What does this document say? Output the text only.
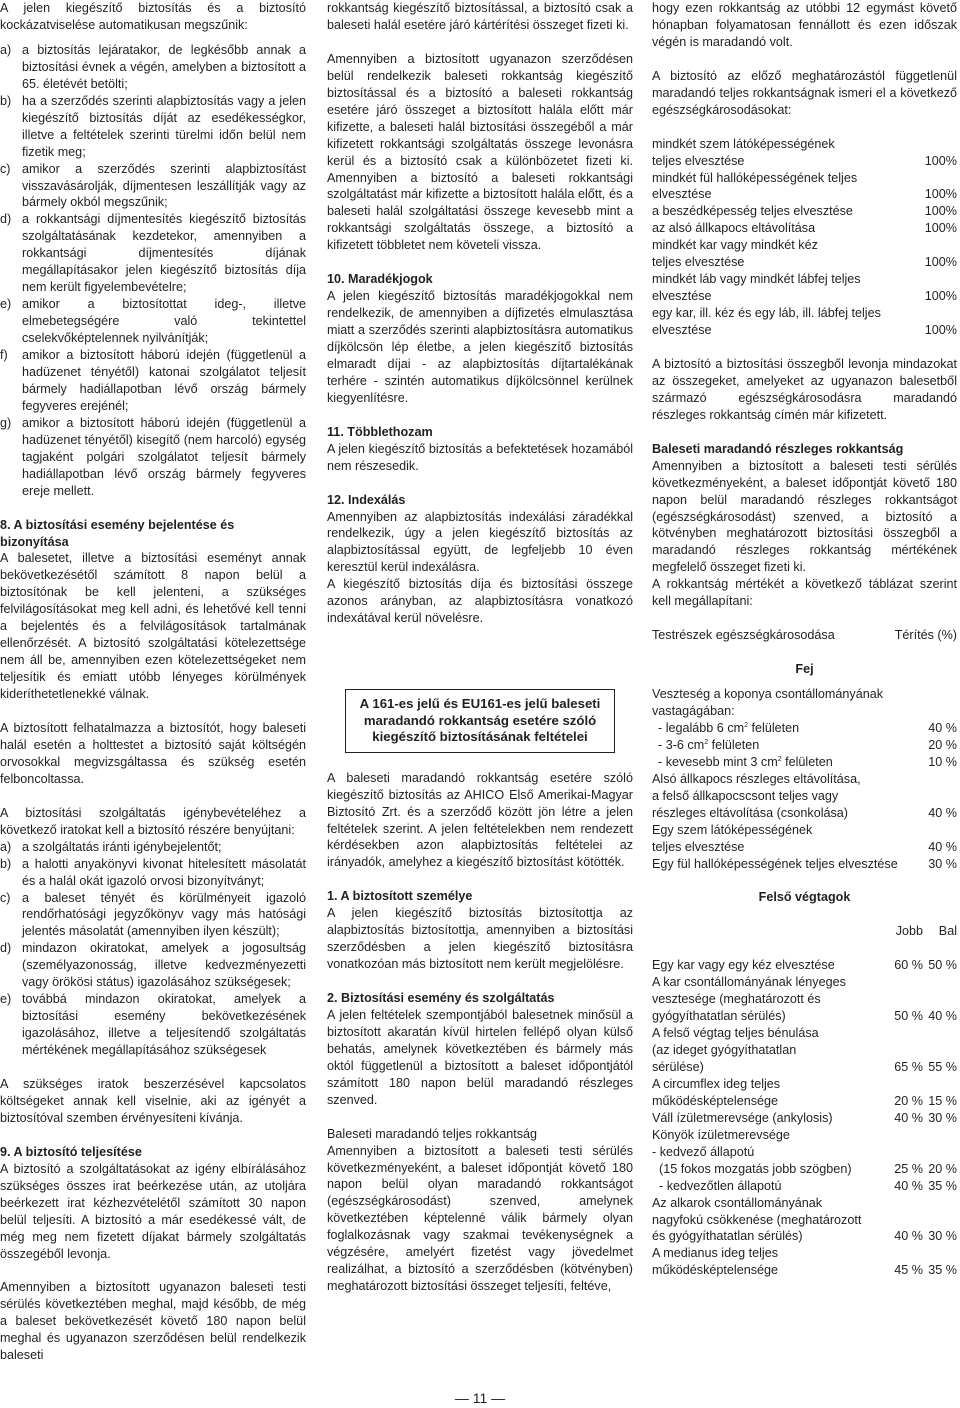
A jelen kiegészítő biztosítás és a biztosító kockázatviselése automatikusan megszűnik:

a) a biztosítás lejáratakor, de legkésőbb annak a biztosítási évnek a végén, amelyben a biztosított a 65. életévét betölti;
b) ha a szerződés szerinti alapbiztosítás vagy a jelen kiegészítő biztosítás díját az esedékességkor, illetve a feltételek szerinti türelmi időn belül nem fizetik meg;
c) amikor a szerződés szerinti alapbiztosítást visszavásárolják, díjmentesen leszállítják vagy az bármely okból megszűnik;
d) a rokkantsági díjmentesítés kiegészítő biztosítás szolgáltatásának kezdetekor, amennyiben a rokkantsági díjmentesítés díjának megállapításakor jelen kiegészítő biztosítás díja nem került figyelembevételre;
e) amikor a biztosítottat ideg-, illetve elmebetegségére való tekintettel cselekvőképtelennek nyilvánítják;
f) amikor a biztosított háború idején (függetlenül a hadüzenet tényétől) katonai szolgálatot teljesít bármely hadiállapotban lévő ország bármely fegyveres erejénél;
g) amikor a biztosított háború idején (függetlenül a hadüzenet tényétől) kisegítő (nem harcoló) egység tagjaként polgári szolgálatot teljesít bármely hadiállapotban lévő ország bármely fegyveres ereje mellett.
8. A biztosítási esemény bejelentése és bizonyítása

A balesetet, illetve a biztosítási eseményt annak bekövetkezésétől számított 8 napon belül a biztosítónak be kell jelenteni, a szükséges felvilágosításokat meg kell adni, és lehetővé kell tenni a bejelentés és a felvilágosítások tartalmának ellenőrzését. A biztosító szolgáltatási kötelezettsége nem áll be, amennyiben ezen kötelezettségeket nem teljesítik és emiatt utóbb lényeges körülmények kideríthetetlenekké válnak.

A biztosított felhatalmazza a biztosítót, hogy baleseti halál esetén a holttestet a biztosító saját költségén orvosokkal megvizsgáltassa és szükség esetén felboncoltassa.

A biztosítási szolgáltatás igénybevételéhez a következő iratokat kell a biztosító részére benyújtani:

a) a szolgáltatás iránti igénybejelentőt;
b) a halotti anyakönyvi kivonat hitelesített másolatát és a halál okát igazoló orvosi bizonyítványt;
c) a baleset tényét és körülményeit igazoló rendőrhatósági jegyzőkönyv vagy más hatósági jelentés másolatát (amennyiben ilyen készült);
d) mindazon okiratokat, amelyek a jogosultság (személyazonosság, illetve kedvezményezetti vagy örökösi státus) igazolásához szükségesek;
e) továbbá mindazon okiratokat, amelyek a biztosítási esemény bekövetkezésének igazolásához, illetve a teljesítendő szolgáltatás mértékének megállapításához szükségesek

A szükséges iratok beszerzésével kapcsolatos költségeket annak kell viselnie, aki az igényét a biztosítóval szemben érvényesíteni kívánja.

9. A biztosító teljesítése

A biztosító a szolgáltatásokat az igény elbírálásához szükséges összes irat beérkezése után, az utoljára beérkezett irat kézhezvételétől számított 30 napon belül teljesíti. A biztosító a már esedékessé vált, de még meg nem fizetett díjakat bármely szolgáltatás összegéből levonja.

Amennyiben a biztosított ugyanazon baleseti testi sérülés következtében meghal, majd később, de még a baleset bekövetkezését követő 180 napon belül meghal és ugyanazon szerződésen belül rendelkezik baleseti

rokkantság kiegészítő biztosítással, a biztosító csak a baleseti halál esetére járó kártérítési összeget fizeti ki.

Amennyiben a biztosított ugyanazon szerződésen belül rendelkezik baleseti rokkantság kiegészítő biztosítással és a biztosító a baleseti rokkantság esetére járó összeget a biztosított halála előtt már kifizette, a baleseti halál biztosítási összegéből a már kifizetett rokkantsági szolgáltatás összege levonásra kerül és a biztosító csak a különbözetet fizeti ki. Amennyiben a biztosító a baleseti rokkantsági szolgáltatást már kifizette a biztosított halála előtt, és a baleseti halál szolgáltatási összege kevesebb mint a rokkantsági szolgáltatás összege, a biztosító a kifizetett többletet nem követeli vissza.

10. Maradékjogok

A jelen kiegészítő biztosítás maradékjogokkal nem rendelkezik, de amennyiben a díjfizetés elmulasztása miatt a szerződés szerinti alapbiztosításra automatikus díjkölcsön lép életbe, a jelen kiegészítő biztosítás elmaradt díjai - az alapbiztosítás díjtartalékának terhére - szintén automatikus díjkölcsönnel kerülnek kiegyenlítésre.

11. Többlethozam

A jelen kiegészítő biztosítás a befektetések hozamából nem részesedik.

12. Indexálás

Amennyiben az alapbiztosítás indexálási záradékkal rendelkezik, úgy a jelen kiegészítő biztosítás az alapbiztosítással együtt, de legfeljebb 10 éven keresztül kerül indexálásra.

A kiegészítő biztosítás díja és biztosítási összege azonos arányban, az alapbiztosításra vonatkozó indexátával kerül növelésre.

A 161-es jelű és EU161-es jelű baleseti maradandó rokkantság esetére szóló kiegészítő biztosításának feltételei

A baleseti maradandó rokkantság esetére szóló kiegészítő biztosítás az AHICO Első Amerikai-Magyar Biztosító Zrt. és a szerződő között jön létre a jelen feltételek szerint. A jelen feltételekben nem rendezett kérdésekben azon alapbiztosítás feltételei az irányadók, amelyhez a kiegészítő biztosítást kötötték.

1. A biztosított személye

A jelen kiegészítő biztosítás biztosítottja az alapbiztosítás biztosítottja, amennyiben a biztosítási szerződésben a jelen kiegészítő biztosításra vonatkozóan más biztosított nem került megjelölésre.

2. Biztosítási esemény és szolgáltatás

A jelen feltételek szempontjából balesetnek minősül a biztosított akaratán kívül hirtelen fellépő olyan külső behatás, amelynek következtében és bármely más októl függetlenül a biztosított a baleset időpontjától számított 180 napon belül maradandó részleges szenved.

Baleseti maradandó teljes rokkantság

Amennyiben a biztosított a baleseti testi sérülés következményeként, a baleset időpontját követő 180 napon belül olyan maradandó rokkantságot (egészségkárosodást) szenved, amelynek következtében képtelenné válik bármely olyan foglalkozásnak vagy szakmai tevékenységnek a végzésére, amelyért fizetést vagy jövedelmet realizálhat, a biztosító a szerződésben (kötvényben) meghatározott biztosítási összeget teljesíti, feltéve,

hogy ezen rokkantság az utóbbi 12 egymást követő hónapban folyamatosan fennállott és ezen időszak végén is maradandó volt.

A biztosító az előző meghatározástól függetlenül maradandó teljes rokkantságnak ismeri el a következő egészségkárosodásokat:

mindkét szem látóképességének
teljes elvesztése	100%
mindkét fül hallóképességének teljes
elvesztése	100%
a beszédképesség teljes elvesztése	100%
az alsó állkapocs eltávolítása	100%
mindkét kar vagy mindkét kéz
teljes elvesztése	100%
mindkét láb vagy mindkét lábfej teljes
elvesztése	100%
egy kar, ill. kéz és egy láb, ill. lábfej teljes
elvesztése	100%

A biztosító a biztosítási összegből levonja mindazokat az összegeket, amelyeket az ugyanazon balesetből származó egészségkárosodásra maradandó részleges rokkantság címén már kifizetett.

Baleseti maradandó részleges rokkantság

Amennyiben a biztosított a baleseti testi sérülés következményeként, a baleset időpontját követő 180 napon belül maradandó részleges rokkantságot (egészségkárosodást) szenved, a biztosító a kötvényben meghatározott biztosítási összegből a maradandó részleges rokkantság mértékének megfelelő összeget fizeti ki.

A rokkantság mértékét a következő táblázat szerint kell megállapítani:

Testrészek egészségkárosodása	Térítés (%)
Fej

Veszteség a koponya csontállományának vastagágában:

- legalább 6 $cm^2$ felületen	40 %
- 3-6 $cm^2$ felületen	20 %
- kevesebb mint 3 $cm^2$ felületen	10 %
Alsó állkapocs részleges eltávolítása,
a felső állkapocscsont teljes vagy
részleges eltávolítása (csonkolása)	40 %
Egy szem látóképességének
teljes elvesztése	40 %
Egy fül hallóképességének teljes elvesztése 30 %
Felső végtagok
Jobb Bal
Egy kar vagy egy kéz elvesztése	60 % 50 %
A kar csontállományának lényeges
vesztesége (meghatározott és
gyógyíthatatlan sérülés)	50 % 40 %
A felső végtag teljes bénulása
(az ideget gyógyíthatatlan
sérülése)	65 % 55 %
A circumflex ideg teljes
működésképtelensége	20 % 15 %
Váll ízületmerevsége (ankylosis)	40 % 30 %
Könyök ízületmerevsége
- kedvező állapotú
(15 fokos mozgatás jobb szögben)	25 % 20 %
- kedvezőtlen állapotú	40 % 35 %
Az alkarok csontállományának
nagyfokú csökkenése (meghatározott
és gyógyíthatatlan sérülés)	40 % 30 %
A medianus ideg teljes
működésképtelensége	45 % 35 %
— 11 —
